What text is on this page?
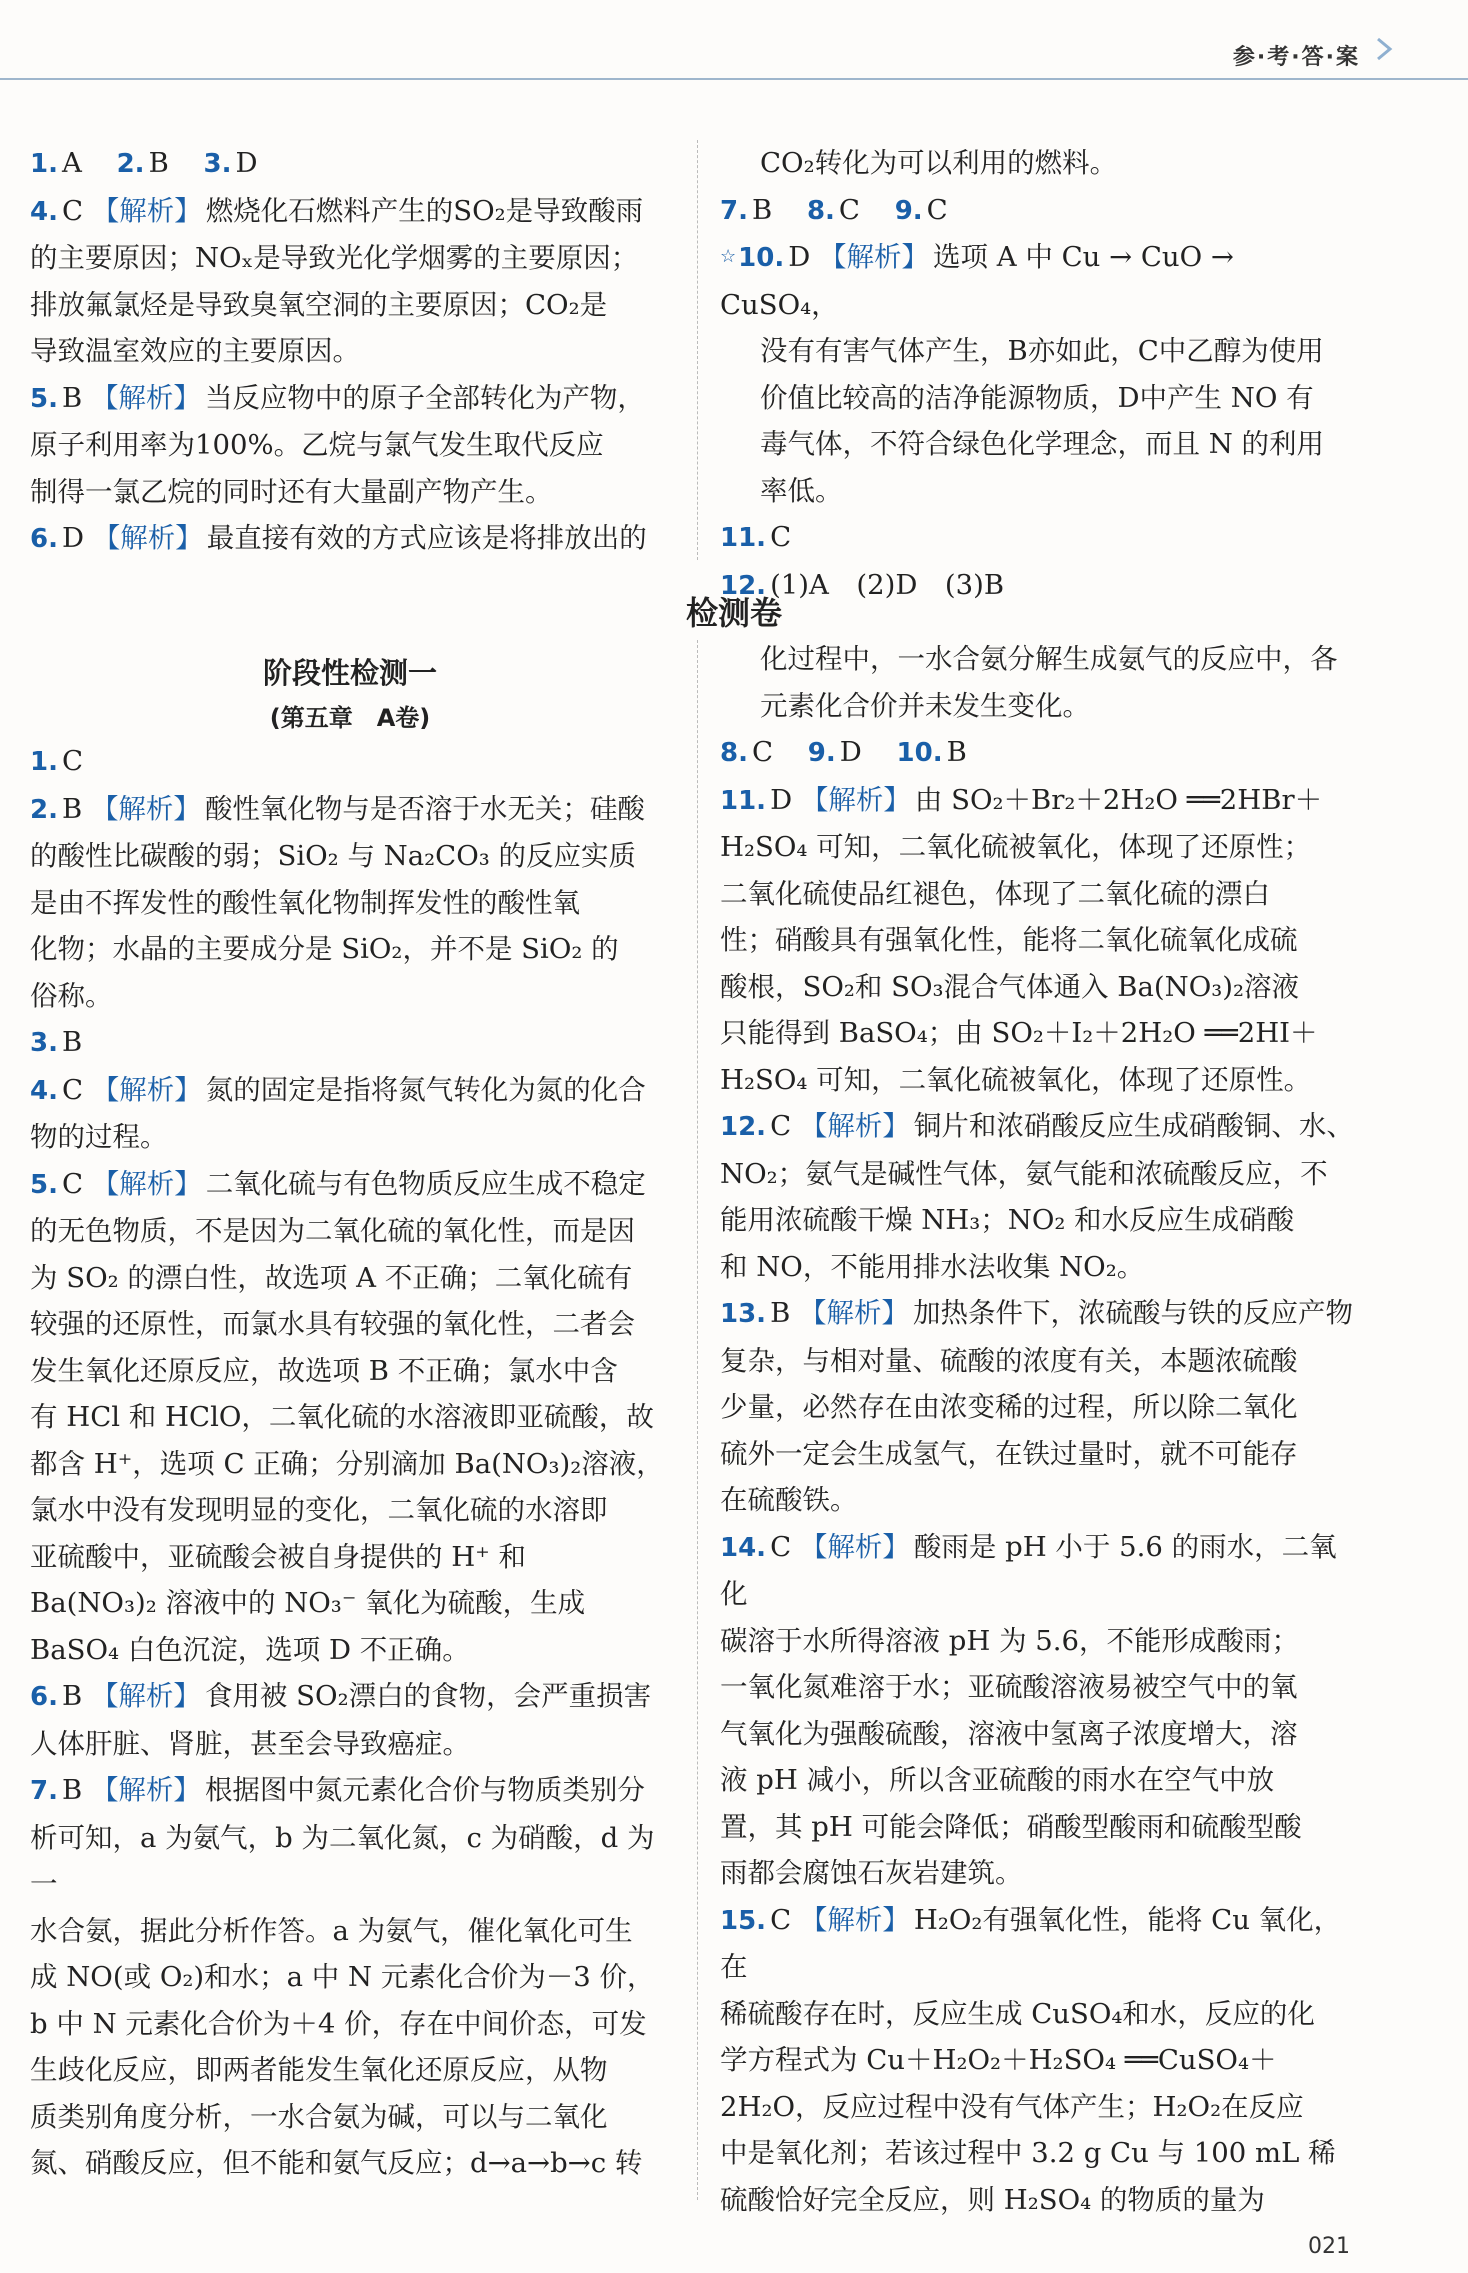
参·考·答·案
1. A 2. B 3. D
4. C 【解析】 燃烧化石燃料产生的SO₂是导致酸雨
的主要原因；NOₓ是导致光化学烟雾的主要原因；
排放氟氯烃是导致臭氧空洞的主要原因；CO₂是
导致温室效应的主要原因。
5. B 【解析】 当反应物中的原子全部转化为产物，
原子利用率为100%。乙烷与氯气发生取代反应
制得一氯乙烷的同时还有大量副产物产生。
6. D 【解析】 最直接有效的方式应该是将排放出的
CO₂转化为可以利用的燃料。
7. B 8. C 9. C
☆10. D 【解析】 选项 A 中 Cu → CuO → CuSO₄，
没有有害气体产生，B亦如此，C中乙醇为使用
价值比较高的洁净能源物质，D中产生 NO 有
毒气体，不符合绿色化学理念，而且 N 的利用
率低。
11. C
12. (1)A　(2)D　(3)B
检测卷
阶段性检测一
(第五章　A卷)
1. C
2. B 【解析】 酸性氧化物与是否溶于水无关；硅酸
的酸性比碳酸的弱；SiO₂ 与 Na₂CO₃ 的反应实质
是由不挥发性的酸性氧化物制挥发性的酸性氧
化物；水晶的主要成分是 SiO₂，并不是 SiO₂ 的
俗称。
3. B
4. C 【解析】 氮的固定是指将氮气转化为氮的化合
物的过程。
5. C 【解析】 二氧化硫与有色物质反应生成不稳定
的无色物质，不是因为二氧化硫的氧化性，而是因
为 SO₂ 的漂白性，故选项 A 不正确；二氧化硫有
较强的还原性，而氯水具有较强的氧化性，二者会
发生氧化还原反应，故选项 B 不正确；氯水中含
有 HCl 和 HClO，二氧化硫的水溶液即亚硫酸，故
都含 H⁺，选项 C 正确；分别滴加 Ba(NO₃)₂溶液，
氯水中没有发现明显的变化，二氧化硫的水溶即
亚硫酸中，亚硫酸会被自身提供的 H⁺ 和
Ba(NO₃)₂ 溶液中的 NO₃⁻ 氧化为硫酸，生成
BaSO₄ 白色沉淀，选项 D 不正确。
6. B 【解析】 食用被 SO₂漂白的食物，会严重损害
人体肝脏、肾脏，甚至会导致癌症。
7. B 【解析】 根据图中氮元素化合价与物质类别分
析可知，a 为氨气，b 为二氧化氮，c 为硝酸，d 为一
水合氨，据此分析作答。a 为氨气，催化氧化可生
成 NO(或 O₂)和水；a 中 N 元素化合价为－3 价，
b 中 N 元素化合价为＋4 价，存在中间价态，可发
生歧化反应，即两者能发生氧化还原反应，从物
质类别角度分析，一水合氨为碱，可以与二氧化
氮、硝酸反应，但不能和氨气反应；d→a→b→c 转
化过程中，一水合氨分解生成氨气的反应中，各
元素化合价并未发生变化。
8. C 9. D 10. B
11. D 【解析】 由 SO₂＋Br₂＋2H₂O ══2HBr＋
H₂SO₄ 可知，二氧化硫被氧化，体现了还原性；
二氧化硫使品红褪色，体现了二氧化硫的漂白
性；硝酸具有强氧化性，能将二氧化硫氧化成硫
酸根，SO₂和 SO₃混合气体通入 Ba(NO₃)₂溶液
只能得到 BaSO₄；由 SO₂＋I₂＋2H₂O ══2HI＋
H₂SO₄ 可知，二氧化硫被氧化，体现了还原性。
12. C 【解析】 铜片和浓硝酸反应生成硝酸铜、水、
NO₂；氨气是碱性气体，氨气能和浓硫酸反应，不
能用浓硫酸干燥 NH₃；NO₂ 和水反应生成硝酸
和 NO，不能用排水法收集 NO₂。
13. B 【解析】 加热条件下，浓硫酸与铁的反应产物
复杂，与相对量、硫酸的浓度有关，本题浓硫酸
少量，必然存在由浓变稀的过程，所以除二氧化
硫外一定会生成氢气，在铁过量时，就不可能存
在硫酸铁。
14. C 【解析】 酸雨是 pH 小于 5.6 的雨水，二氧化
碳溶于水所得溶液 pH 为 5.6，不能形成酸雨；
一氧化氮难溶于水；亚硫酸溶液易被空气中的氧
气氧化为强酸硫酸，溶液中氢离子浓度增大，溶
液 pH 减小，所以含亚硫酸的雨水在空气中放
置，其 pH 可能会降低；硝酸型酸雨和硫酸型酸
雨都会腐蚀石灰岩建筑。
15. C 【解析】 H₂O₂有强氧化性，能将 Cu 氧化，在
稀硫酸存在时，反应生成 CuSO₄和水，反应的化
学方程式为 Cu＋H₂O₂＋H₂SO₄ ══CuSO₄＋
2H₂O，反应过程中没有气体产生；H₂O₂在反应
中是氧化剂；若该过程中 3.2 g Cu 与 100 mL 稀
硫酸恰好完全反应，则 H₂SO₄ 的物质的量为
021
